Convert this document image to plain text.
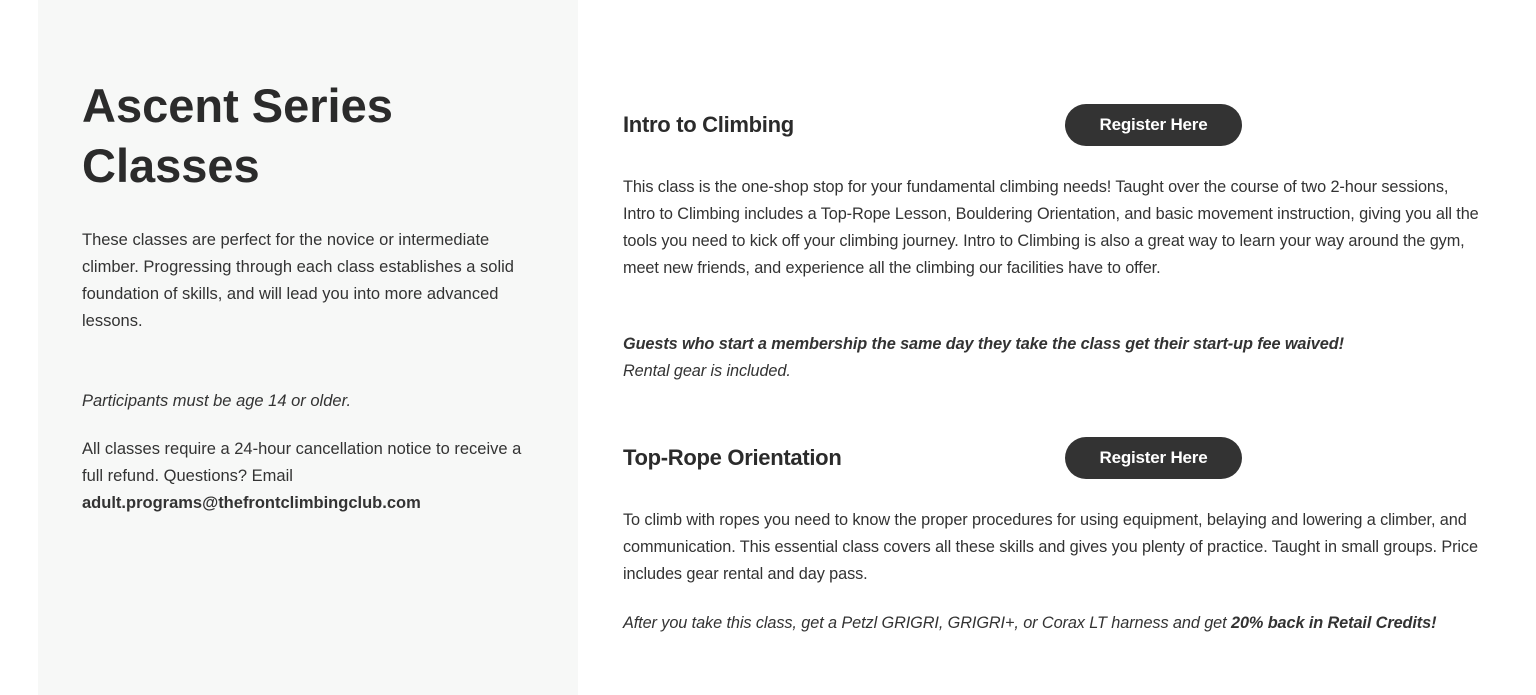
Ascent Series Classes

These classes are perfect for the novice or intermediate climber. Progressing through each class establishes a solid foundation of skills, and will lead you into more advanced lessons.

Participants must be age 14 or older.

All classes require a 24-hour cancellation notice to receive a full refund. Questions? Email
adult.programs@thefrontclimbingclub.com

Intro to Climbing	Register Here

This class is the one-shop stop for your fundamental climbing needs! Taught over the course of two 2-hour sessions, Intro to Climbing includes a Top-Rope Lesson, Bouldering Orientation, and basic movement instruction, giving you all the tools you need to kick off your climbing journey. Intro to Climbing is also a great way to learn your way around the gym, meet new friends, and experience all the climbing our facilities have to offer.

Guests who start a membership the same day they take the class get their start-up fee waived! Rental gear is included.

Top-Rope Orientation	Register Here

To climb with ropes you need to know the proper procedures for using equipment, belaying and lowering a climber, and communication. This essential class covers all these skills and gives you plenty of practice. Taught in small groups. Price includes gear rental and day pass.

After you take this class, get a Petzl GRIGRI, GRIGRI+, or Corax LT harness and get 20% back in Retail Credits!
